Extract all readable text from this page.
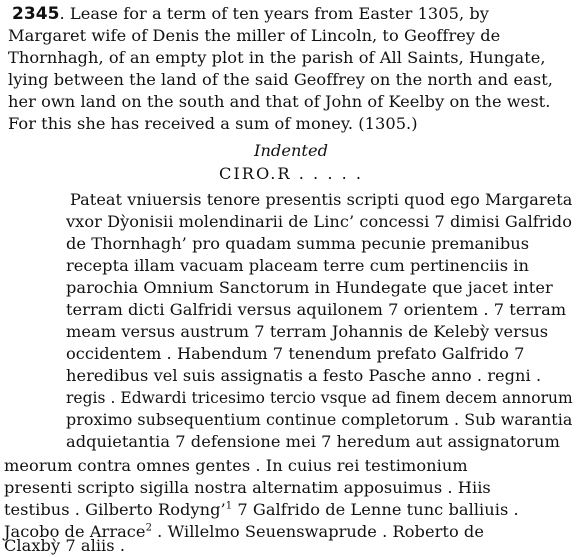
2345. Lease for a term of ten years from Easter 1305, by
Margaret wife of Denis the miller of Lincoln, to Geoffrey de
Thornhagh, of an empty plot in the parish of All Saints, Hungate,
lying between the land of the said Geoffrey on the north and east,
her own land on the south and that of John of Keelby on the west.
For this she has received a sum of money. (1305.)
Indented
CIRO.R . . . . .
Pateat vniuersis tenore presentis scripti quod ego Margareta
vxor Dỳonisii molendinarii de Linc’ concessi 7 dimisi Galfrido
de Thornhagh’ pro quadam summa pecunie premanibus
recepta illam vacuam placeam terre cum pertinenciis in
parochia Omnium Sanctorum in Hundegate que jacet inter
terram dicti Galfridi versus aquilonem 7 orientem . 7 terram
meam versus austrum 7 terram Johannis de Kelebỳ versus
occidentem . Habendum 7 tenendum prefato Galfrido 7
heredibus vel suis assignatis a festo Pasche anno . regni .
regis . Edwardi tricesimo tercio vsque ad finem decem annorum
proximo subsequentium continue completorum . Sub warantia
adquietantia 7 defensione mei 7 heredum aut assignatorum
meorum contra omnes gentes . In cuius rei testimonium
presenti scripto sigilla nostra alternatim apposuimus . Hiis
testibus . Gilberto Rodyng’$^1$ 7 Galfrido de Lenne tunc balliuis .
Jacobo de Arrace$^2$ . Willelmo Seuenswaprude . Roberto de
Claxbỳ 7 aliis .
